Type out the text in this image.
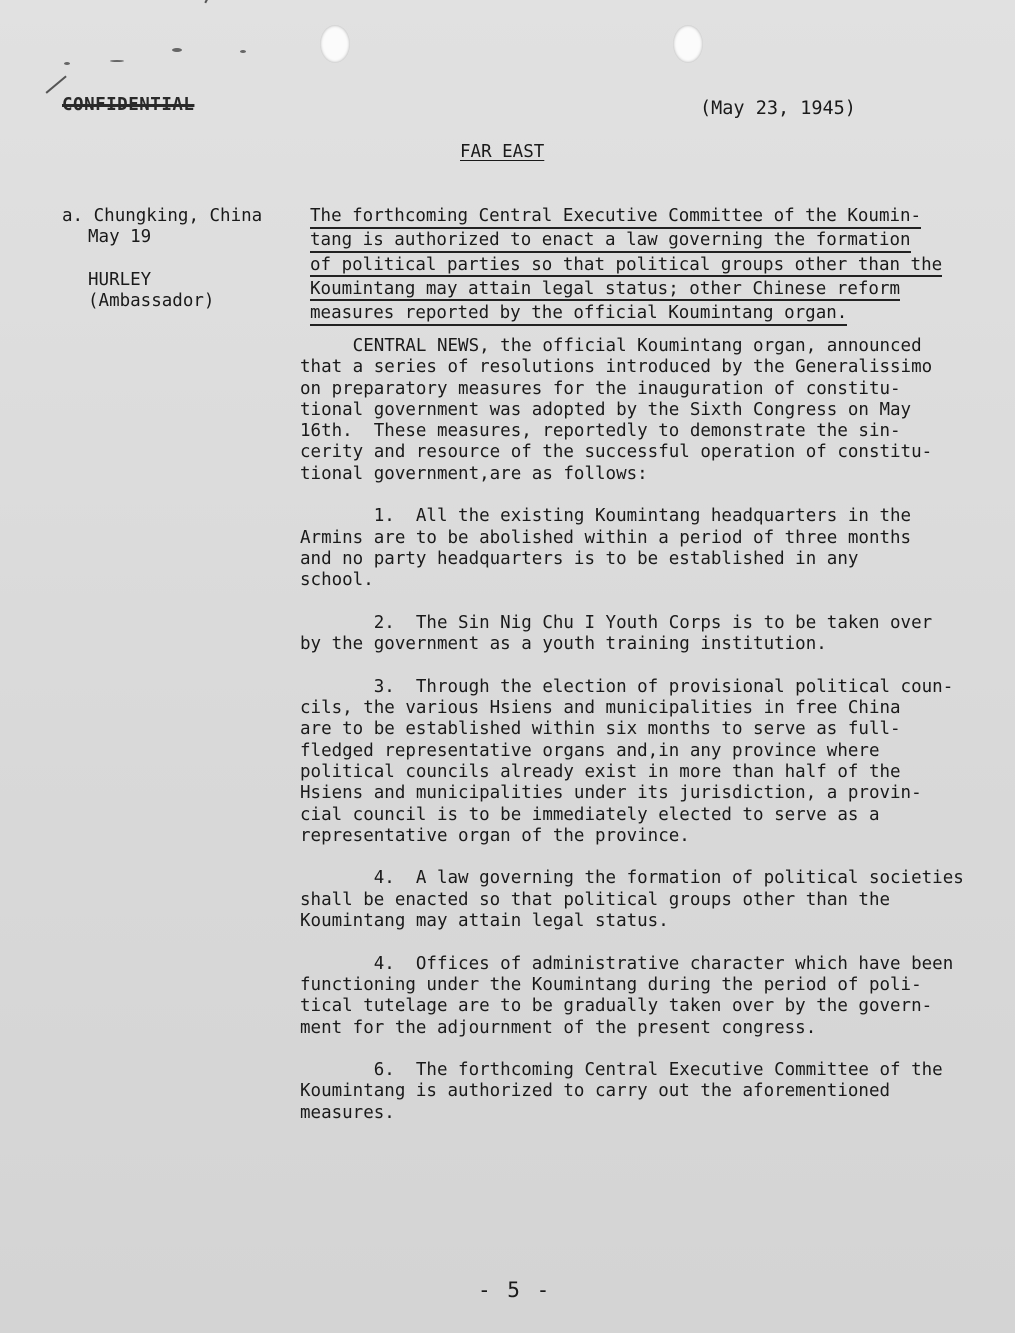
CONFIDENTIAL	(May 23, 1945)
FAR EAST
a. Chungking, China
May 19
HURLEY
(Ambassador)
The forthcoming Central Executive Committee of the Koumin-
tang is authorized to enact a law governing the formation
of political parties so that political groups other than the
Koumintang may attain legal status; other Chinese reform
measures reported by the official Koumintang organ.
CENTRAL NEWS, the official Koumintang organ, announced
that a series of resolutions introduced by the Generalissimo
on preparatory measures for the inauguration of constitu-
tional government was adopted by the Sixth Congress on May
16th.  These measures, reportedly to demonstrate the sin-
cerity and resource of the successful operation of constitu-
tional government,are as follows:
1.  All the existing Koumintang headquarters in the
Armins are to be abolished within a period of three months
and no party headquarters is to be established in any
school.
2.  The Sin Nig Chu I Youth Corps is to be taken over
by the government as a youth training institution.
3.  Through the election of provisional political coun-
cils, the various Hsiens and municipalities in free China
are to be established within six months to serve as full-
fledged representative organs and,in any province where
political councils already exist in more than half of the
Hsiens and municipalities under its jurisdiction, a provin-
cial council is to be immediately elected to serve as a
representative organ of the province.
4.  A law governing the formation of political societies
shall be enacted so that political groups other than the
Koumintang may attain legal status.
4.  Offices of administrative character which have been
functioning under the Koumintang during the period of poli-
tical tutelage are to be gradually taken over by the govern-
ment for the adjournment of the present congress.
6.  The forthcoming Central Executive Committee of the
Koumintang is authorized to carry out the aforementioned
measures.
- 5 -
